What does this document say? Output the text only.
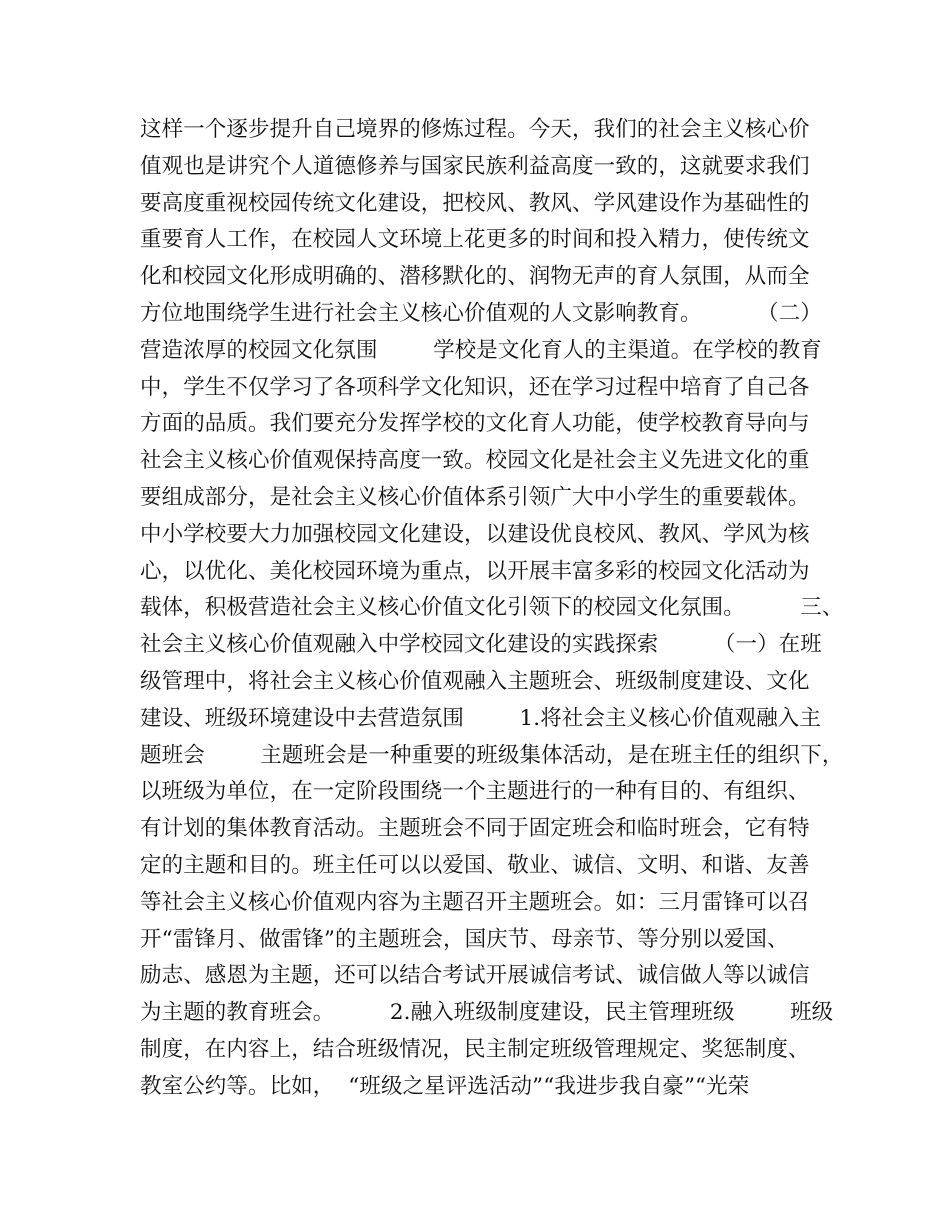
这样一个逐步提升自己境界的修炼过程。今天，我们的社会主义核心价
值观也是讲究个人道德修养与国家民族利益高度一致的，这就要求我们
要高度重视校园传统文化建设，把校风、教风、学风建设作为基础性的
重要育人工作，在校园人文环境上花更多的时间和投入精力，使传统文
化和校园文化形成明确的、潜移默化的、润物无声的育人氛围，从而全
方位地围绕学生进行社会主义核心价值观的人文影响教育。        （二）
营造浓厚的校园文化氛围        学校是文化育人的主渠道。在学校的教育
中，学生不仅学习了各项科学文化知识，还在学习过程中培育了自己各
方面的品质。我们要充分发挥学校的文化育人功能，使学校教育导向与
社会主义核心价值观保持高度一致。校园文化是社会主义先进文化的重
要组成部分，是社会主义核心价值体系引领广大中小学生的重要载体。
中小学校要大力加强校园文化建设，以建设优良校风、教风、学风为核
心，以优化、美化校园环境为重点，以开展丰富多彩的校园文化活动为
载体，积极营造社会主义核心价值文化引领下的校园文化氛围。        三、
社会主义核心价值观融入中学校园文化建设的实践探索        （一）在班
级管理中，将社会主义核心价值观融入主题班会、班级制度建设、文化
建设、班级环境建设中去营造氛围        1.将社会主义核心价值观融入主
题班会        主题班会是一种重要的班级集体活动，是在班主任的组织下，
以班级为单位，在一定阶段围绕一个主题进行的一种有目的、有组织、
有计划的集体教育活动。主题班会不同于固定班会和临时班会，它有特
定的主题和目的。班主任可以以爱国、敬业、诚信、文明、和谐、友善
等社会主义核心价值观内容为主题召开主题班会。如：三月雷锋可以召
开“雷锋月、做雷锋”的主题班会，国庆节、母亲节、等分别以爱国、
励志、感恩为主题，还可以结合考试开展诚信考试、诚信做人等以诚信
为主题的教育班会。        2.融入班级制度建设，民主管理班级        班级
制度，在内容上，结合班级情况，民主制定班级管理规定、奖惩制度、
教室公约等。比如，  “班级之星评选活动”“我进步我自豪”“光荣
